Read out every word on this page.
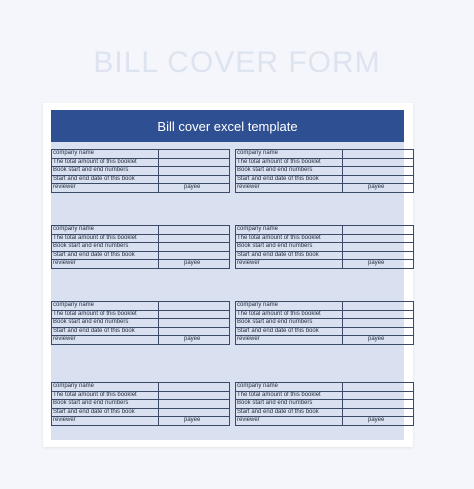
BILL COVER FORM
Bill cover excel template
company name	
The total amount of this booklet	
Book start and end numbers	
Start and end date of this book	
reviewer	payee
company name	
The total amount of this booklet	
Book start and end numbers	
Start and end date of this book	
reviewer	payee
company name	
The total amount of this booklet	
Book start and end numbers	
Start and end date of this book	
reviewer	payee
company name	
The total amount of this booklet	
Book start and end numbers	
Start and end date of this book	
reviewer	payee
company name	
The total amount of this booklet	
Book start and end numbers	
Start and end date of this book	
reviewer	payee
company name	
The total amount of this booklet	
Book start and end numbers	
Start and end date of this book	
reviewer	payee
company name	
The total amount of this booklet	
Book start and end numbers	
Start and end date of this book	
reviewer	payee
company name	
The total amount of this booklet	
Book start and end numbers	
Start and end date of this book	
reviewer	payee
